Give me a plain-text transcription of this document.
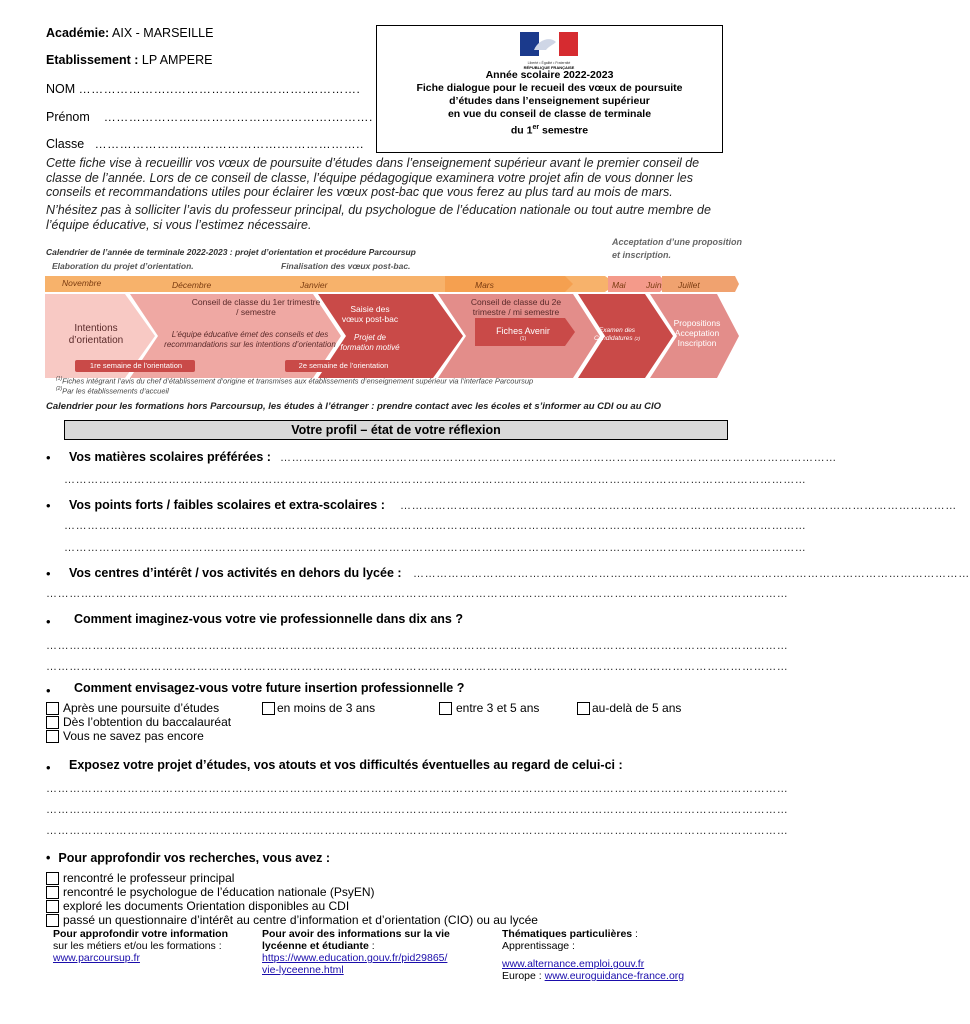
Académie: AIX - MARSEILLE
Etablissement : LP AMPERE
NOM …………………..………………….……….………….
Prénom …………………..………………….……….……….
Classe …………………..………………….………………..
Liberté • Égalité • Fraternité
RÉPUBLIQUE FRANÇAISE
Année scolaire 2022-2023
Fiche dialogue pour le recueil des vœux de poursuite
d’études dans l’enseignement supérieur
en vue du conseil de classe de terminale
du 1er semestre
Cette fiche vise à recueillir vos vœux de poursuite d’études dans l’enseignement supérieur avant le premier conseil de classe de l’année. Lors de ce conseil de classe, l’équipe pédagogique examinera votre projet afin de vous donner les conseils et recommandations utiles pour éclairer les vœux post-bac que vous ferez au plus tard au mois de mars.
N’hésitez pas à solliciter l’avis du professeur principal, du psychologue de l’éducation nationale ou tout autre membre de l’équipe éducative, si vous l’estimez nécessaire.
Calendrier de l’année de terminale 2022-2023 : projet d’orientation et procédure Parcoursup
Acceptation d’une proposition et inscription.
Elaboration du projet d’orientation.	Finalisation des vœux post-bac.
Novembre	Décembre	Janvier	Mars	Mai Juin Juillet
Intentions d’orientation
Conseil de classe du 1er trimestre / semestre
L’équipe éducative émet des conseils et des recommandations sur les intentions d’orientation
Saisie des vœux post-bac
Projet de formation motivé
Conseil de classe du 2e trimestre / mi semestre
Fiches Avenir
(1)
Examen des Candidatures (2)
Propositions Acceptation Inscription
1re semaine de l’orientation	2e semaine de l’orientation
$^{(1)}$Fiches intégrant l’avis du chef d’établissement d’origine et transmises aux établissements d’enseignement supérieur via l’interface Parcoursup
$^{(2)}$Par les établissements d’accueil
Calendrier pour les formations hors Parcoursup, les études à l’étranger : prendre contact avec les écoles et s’informer au CDI ou au CIO
Votre profil – état de votre réflexion
• Vos matières scolaires préférées : ………………………………………………………………………………………………………………………………
…………………………………………………………………………………………………………………………………………………………………………
• Vos points forts / faibles scolaires et extra-scolaires : ………………………………………………………………………………………………………………………………
…………………………………………………………………………………………………………………………………………………………………………
…………………………………………………………………………………………………………………………………………………………………………
• Vos centres d’intérêt / vos activités en dehors du lycée : ………………………………………………………………………………………………………………………………
…………………………………………………………………………………………………………………………………………………………………………
• Comment imaginez-vous votre vie professionnelle dans dix ans ?
…………………………………………………………………………………………………………………………………………………………………………
…………………………………………………………………………………………………………………………………………………………………………
• Comment envisagez-vous votre future insertion professionnelle ?
Après une poursuite d’études
Dès l’obtention du baccalauréat
Vous ne savez pas encore
en moins de 3 ans	entre 3 et 5 ans	au-delà de 5 ans
• Exposez votre projet d’études, vos atouts et vos difficultés éventuelles au regard de celui-ci :
…………………………………………………………………………………………………………………………………………………………………………
…………………………………………………………………………………………………………………………………………………………………………
…………………………………………………………………………………………………………………………………………………………………………
• Pour approfondir vos recherches, vous avez :
rencontré le professeur principal
rencontré le psychologue de l’éducation nationale (PsyEN)
exploré les documents Orientation disponibles au CDI
passé un questionnaire d’intérêt au centre d’information et d’orientation (CIO) ou au lycée
Pour approfondir votre information
sur les métiers et/ou les formations :
www.parcoursup.fr
Pour avoir des informations sur la vie lycéenne et étudiante :
https://www.education.gouv.fr/pid29865/
vie-lyceenne.html
Thématiques particulières :
Apprentissage :
www.alternance.emploi.gouv.fr
Europe : www.euroguidance-france.org
